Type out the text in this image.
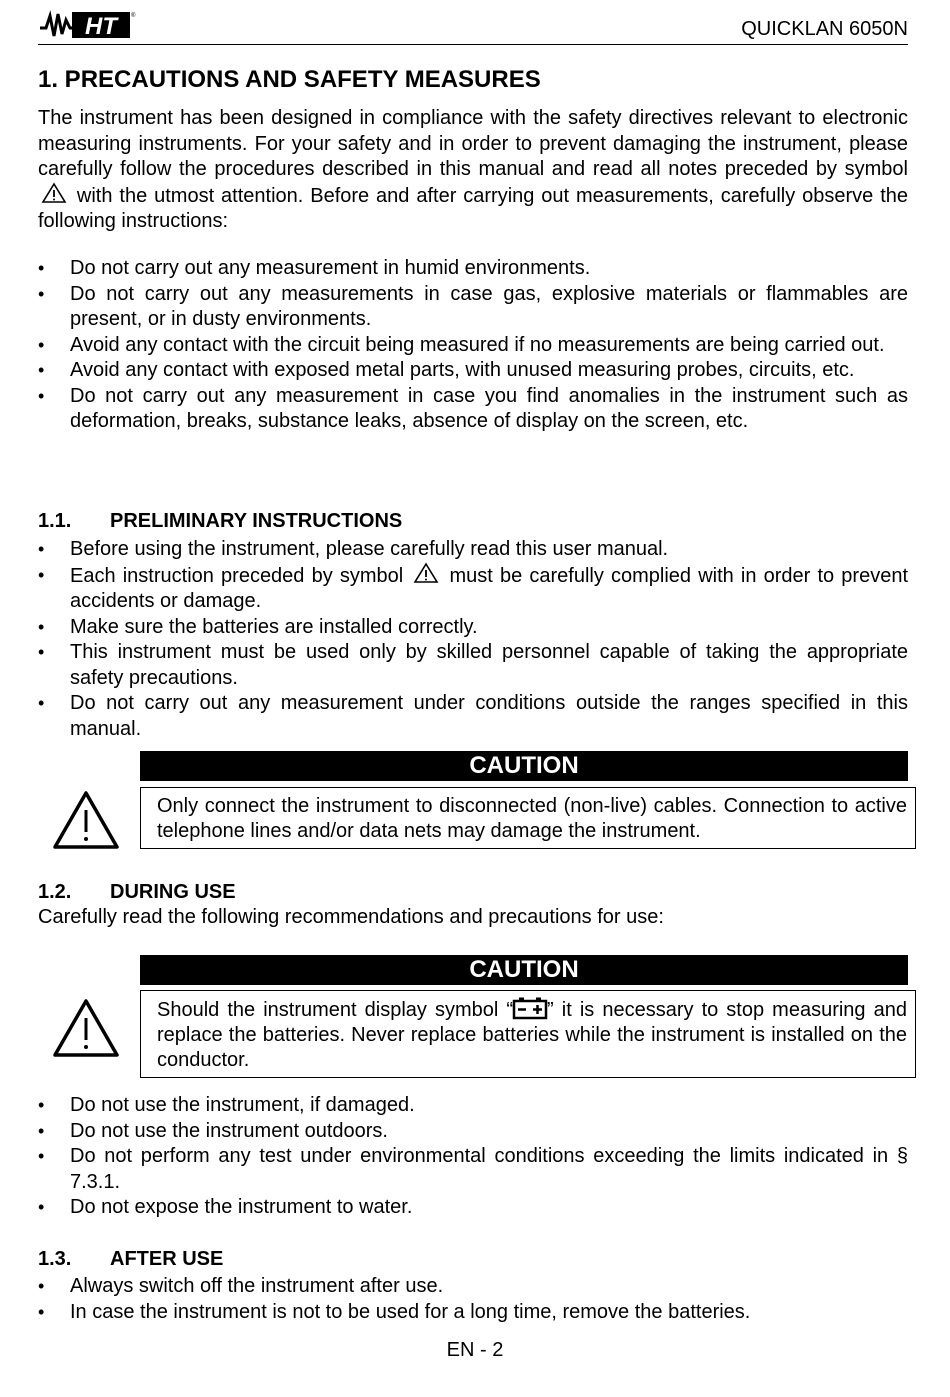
HT	®
QUICKLAN 6050N
1. PRECAUTIONS AND SAFETY MEASURES

The instrument has been designed in compliance with the safety directives relevant to electronic measuring instruments. For your safety and in order to prevent damaging the instrument, please carefully follow the procedures described in this manual and read all notes preceded by symbol  with the utmost attention. Before and after carrying out measurements, carefully observe the following instructions:

• Do not carry out any measurement in humid environments.
• Do not carry out any measurements in case gas, explosive materials or flammables are present, or in dusty environments.
• Avoid any contact with the circuit being measured if no measurements are being carried out.
• Avoid any contact with exposed metal parts, with unused measuring probes, circuits, etc.
• Do not carry out any measurement in case you find anomalies in the instrument such as deformation, breaks, substance leaks, absence of display on the screen, etc.
1.1. PRELIMINARY INSTRUCTIONS
• Before using the instrument, please carefully read this user manual.
• Each instruction preceded by symbol must be carefully complied with in order to prevent accidents or damage.
• Make sure the batteries are installed correctly.
• This instrument must be used only by skilled personnel capable of taking the appropriate safety precautions.
• Do not carry out any measurement under conditions outside the ranges specified in this manual.
CAUTION
Only connect the instrument to disconnected (non-live) cables. Connection to active telephone lines and/or data nets may damage the instrument.
1.2. DURING USE
Carefully read the following recommendations and precautions for use:
CAUTION
Should the instrument display symbol “ ” it is necessary to stop measuring and replace the batteries. Never replace batteries while the instrument is installed on the conductor.
• Do not use the instrument, if damaged.
• Do not use the instrument outdoors.
• Do not perform any test under environmental conditions exceeding the limits indicated in § 7.3.1.
• Do not expose the instrument to water.
1.3. AFTER USE
• Always switch off the instrument after use.
• In case the instrument is not to be used for a long time, remove the batteries.
EN - 2
